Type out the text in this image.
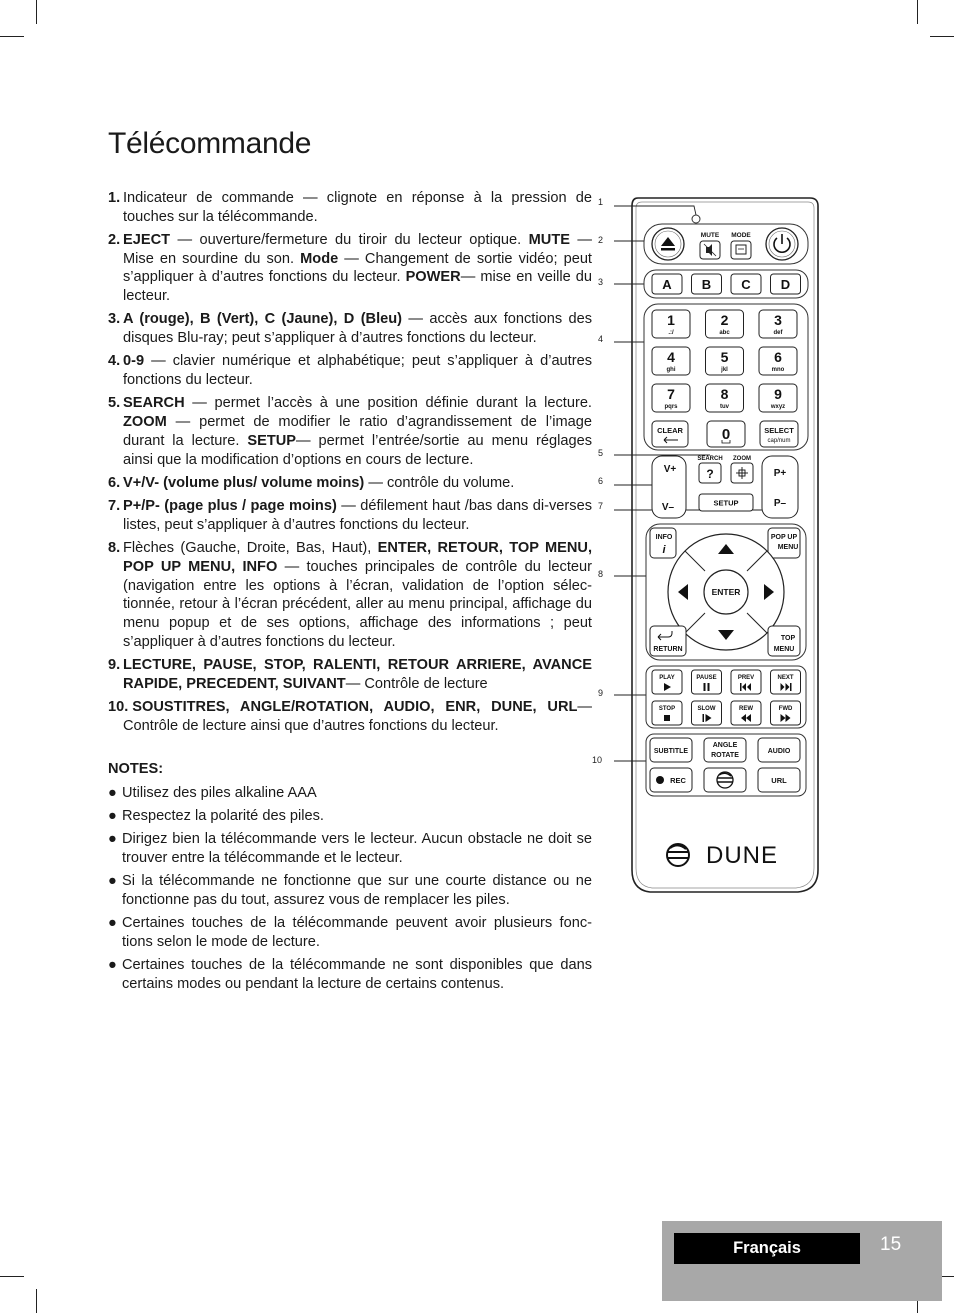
Télécommande
1. Indicateur de commande — clignote en réponse à la pression de touches sur la télécommande.
2. EJECT — ouverture/fermeture du tiroir du lecteur optique. MUTE — Mise en sourdine du son. Mode — Changement de sortie vidéo; peut s’appliquer à d’autres fonctions du lecteur. POWER— mise en veille du lecteur.
3. A (rouge), B (Vert), C (Jaune), D (Bleu) — accès aux fonctions des disques Blu-ray; peut s’appliquer à d’autres fonctions du lecteur.
4. 0-9 — clavier numérique et alphabétique; peut s’appliquer à d’autres fonctions du lecteur.
5. SEARCH — permet l’accès à une position définie durant la lecture. ZOOM — permet de modifier le ratio d’agrandissement de l’image durant la lecture. SETUP— permet l’entrée/sortie au menu réglages ainsi que la modification d’options en cours de lecture.
6. V+/V- (volume plus/ volume moins) — contrôle du volume.
7. P+/P- (page plus / page moins) — défilement haut /bas dans di-verses listes, peut s’appliquer à d’autres fonctions du lecteur.
8. Flèches (Gauche, Droite, Bas, Haut), ENTER, RETOUR, TOP MENU, POP UP MENU, INFO — touches principales de contrôle du lecteur (navigation entre les options à l’écran, validation de l’option sélec-tionnée, retour à l’écran précédent, aller au menu principal, affichage du menu popup et de ses options, affichage des informations ; peut s’appliquer à d’autres fonctions du lecteur.
9. LECTURE, PAUSE, STOP, RALENTI, RETOUR ARRIERE, AVANCE RAPIDE, PRECEDENT, SUIVANT— Contrôle de lecture
10. SOUSTITRES, ANGLE/ROTATION, AUDIO, ENR, DUNE, URL— Contrôle de lecture ainsi que d’autres fonctions du lecteur.
NOTES:
● Utilisez des piles alkaline AAA
● Respectez la polarité des piles.
● Dirigez bien la télécommande vers le lecteur. Aucun obstacle ne doit se trouver entre la télécommande et le lecteur.
● Si la télécommande ne fonctionne que sur une courte distance ou ne fonctionne pas du tout, assurez vous de remplacer les piles.
● Certaines touches de la télécommande peuvent avoir plusieurs fonc-tions selon le mode de lecture.
● Certaines touches de la télécommande ne sont disponibles que dans certains modes ou pendant la lecture de certains contenus.
1
2
3
4
5
6
7
8
9
10
MUTE MODE
A B C D
1
.:/
2
abc
3
def
4
ghi
5
jkl
6
mno
7
pqrs
8
tuv
9
wxyz
CLEAR	0	SELECT
cap/num
V+
V–
P+
P–
SEARCH ZOOM
?
SETUP
INFO
i
POP UP
MENU
ENTER
RETURN
TOP
MENU
PLAY	PAUSE	PREV	NEXT
STOP	SLOW	REW	FWD
SUBTITLE
ANGLE
ROTATE
AUDIO
REC	URL
DUNE
Français	15
